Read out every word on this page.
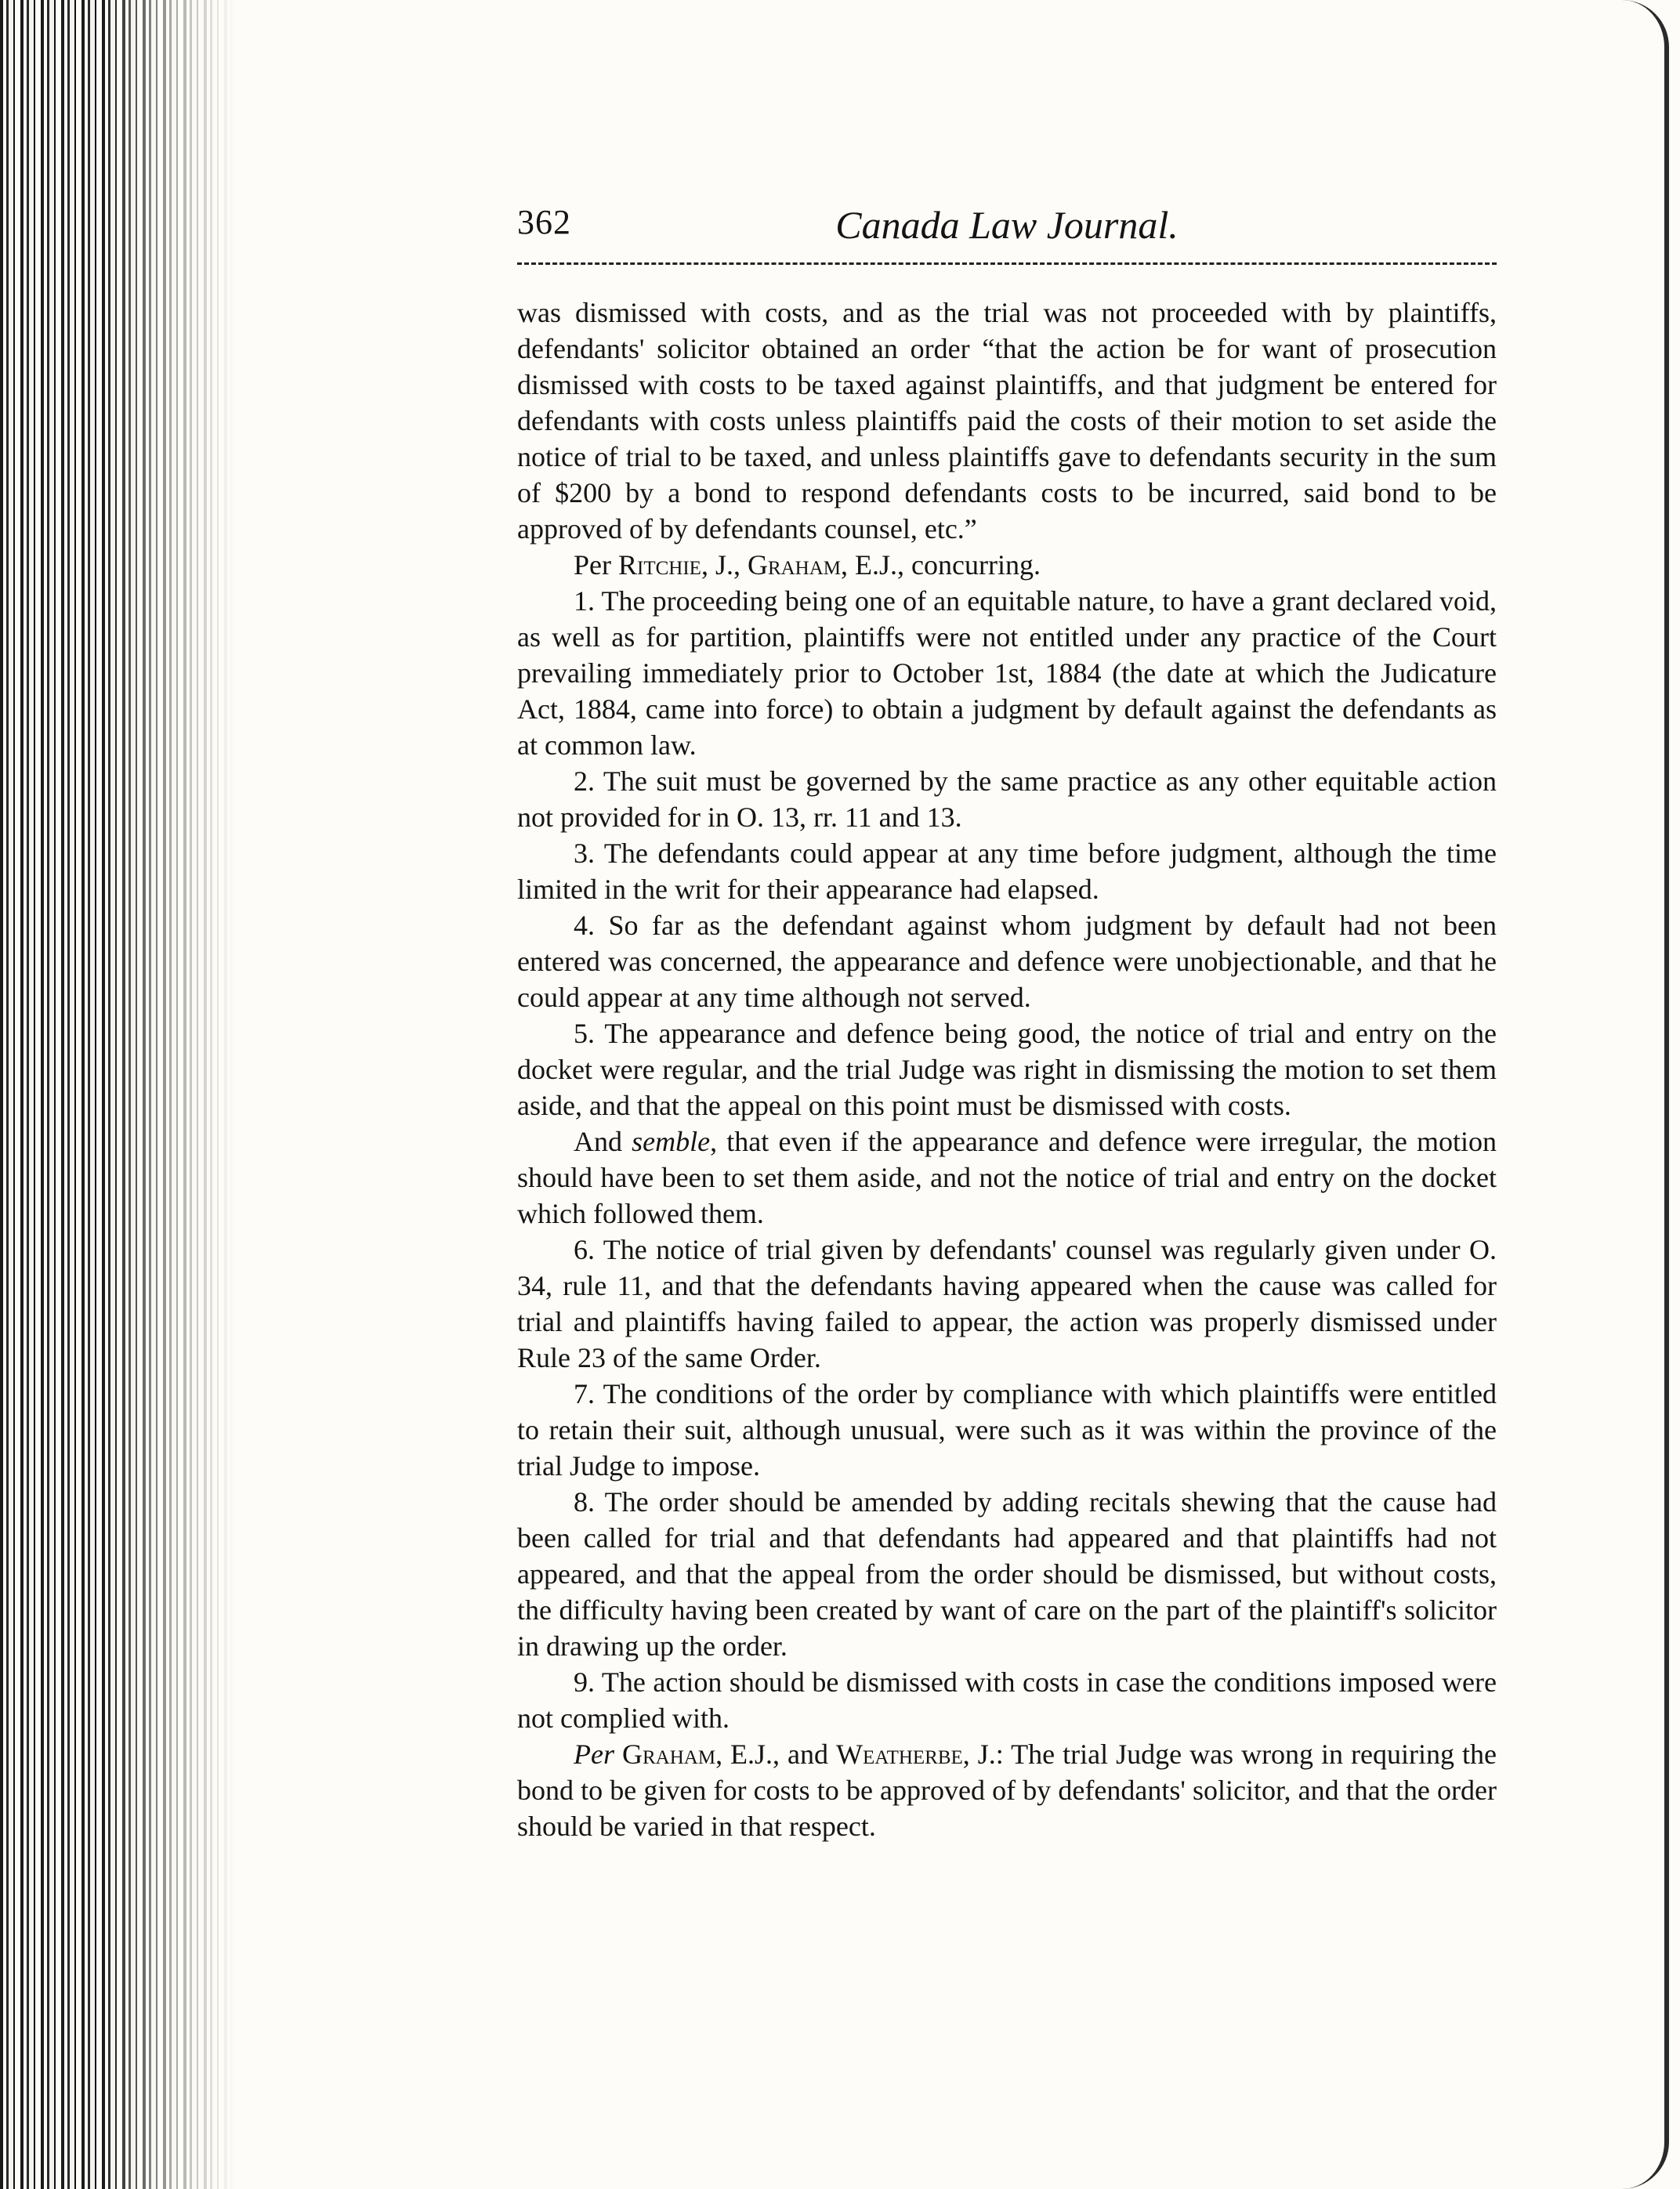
362	Canada Law Journal.

was dismissed with costs, and as the trial was not proceeded with by plaintiffs, defendants' solicitor obtained an order “that the action be for want of prosecution dismissed with costs to be taxed against plaintiffs, and that judgment be entered for defendants with costs unless plaintiffs paid the costs of their motion to set aside the notice of trial to be taxed, and unless plaintiffs gave to defendants security in the sum of $200 by a bond to respond defendants costs to be incurred, said bond to be approved of by defendants counsel, etc.”

Per Ritchie, J., Graham, E.J., concurring.

1. The proceeding being one of an equitable nature, to have a grant declared void, as well as for partition, plaintiffs were not entitled under any practice of the Court prevailing immediately prior to October 1st, 1884 (the date at which the Judicature Act, 1884, came into force) to obtain a judgment by default against the defendants as at common law.

2. The suit must be governed by the same practice as any other equitable action not provided for in O. 13, rr. 11 and 13.

3. The defendants could appear at any time before judgment, although the time limited in the writ for their appearance had elapsed.

4. So far as the defendant against whom judgment by default had not been entered was concerned, the appearance and defence were unobjectionable, and that he could appear at any time although not served.

5. The appearance and defence being good, the notice of trial and entry on the docket were regular, and the trial Judge was right in dismissing the motion to set them aside, and that the appeal on this point must be dismissed with costs.

And semble, that even if the appearance and defence were irregular, the motion should have been to set them aside, and not the notice of trial and entry on the docket which followed them.

6. The notice of trial given by defendants' counsel was regularly given under O. 34, rule 11, and that the defendants having appeared when the cause was called for trial and plaintiffs having failed to appear, the action was properly dismissed under Rule 23 of the same Order.

7. The conditions of the order by compliance with which plaintiffs were entitled to retain their suit, although unusual, were such as it was within the province of the trial Judge to impose.

8. The order should be amended by adding recitals shewing that the cause had been called for trial and that defendants had appeared and that plaintiffs had not appeared, and that the appeal from the order should be dismissed, but without costs, the difficulty having been created by want of care on the part of the plaintiff's solicitor in drawing up the order.

9. The action should be dismissed with costs in case the conditions imposed were not complied with.

Per Graham, E.J., and Weatherbe, J.: The trial Judge was wrong in requiring the bond to be given for costs to be approved of by defendants' solicitor, and that the order should be varied in that respect.
